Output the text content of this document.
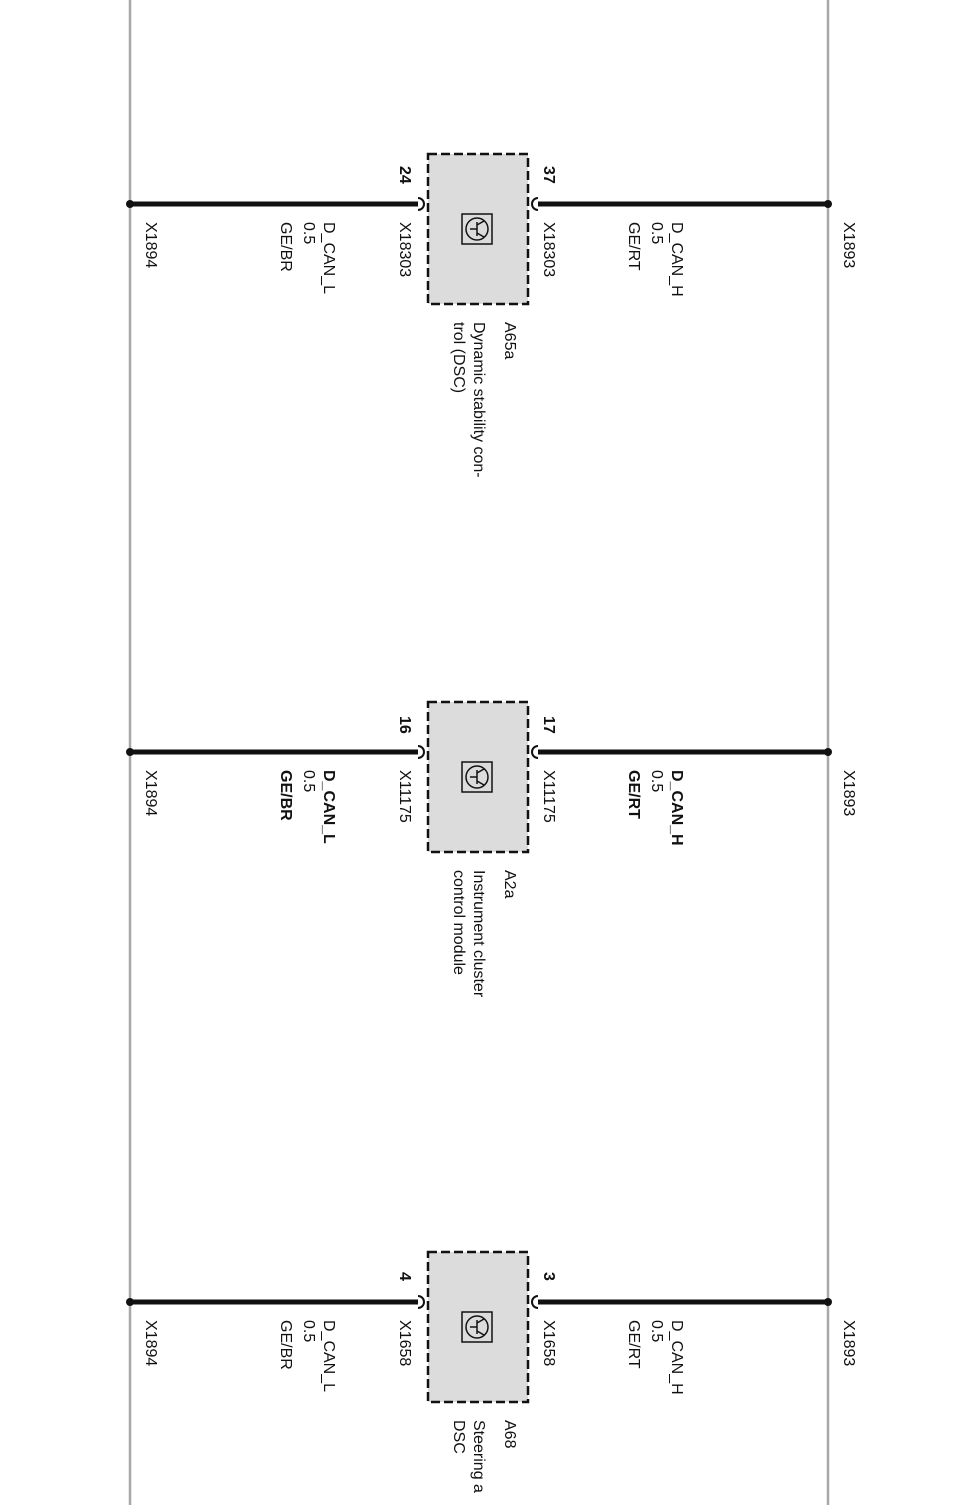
24	37
X1894	X1893
D_CAN_L
0.5
GE/BR	D_CAN_H
0.5
GE/RT
X18303	X18303
A65a
Dynamic stability con-
trol (DSC)
16	17
X1894	X1893
D_CAN_L
0.5
GE/BR	D_CAN_H
0.5
GE/RT
X11175	X11175
A2a
Instrument cluster
control module
4	3
X1894	X1893
D_CAN_L
0.5
GE/BR	D_CAN_H
0.5
GE/RT
X1658	X1658
A68
Steering a
DSC
